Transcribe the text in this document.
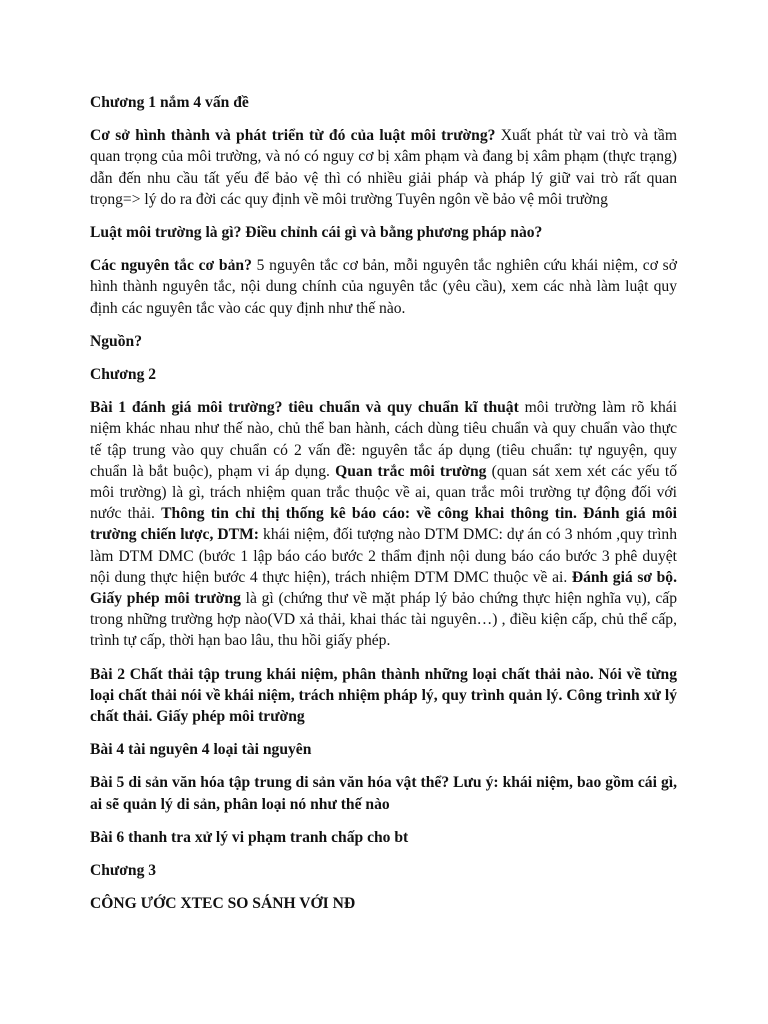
Chương 1 nắm 4 vấn đề

Cơ sở hình thành và phát triển từ đó của luật môi trường? Xuất phát từ vai trò và tầm quan trọng của môi trường, và nó có nguy cơ bị xâm phạm và đang bị xâm phạm (thực trạng) dẫn đến nhu cầu tất yếu để bảo vệ thì có nhiều giải pháp và pháp lý giữ vai trò rất quan trọng=> lý do ra đời các quy định về môi trường Tuyên ngôn về bảo vệ môi trường

Luật môi trường là gì? Điều chỉnh cái gì và bằng phương pháp nào?

Các nguyên tắc cơ bản? 5 nguyên tắc cơ bản, mỗi nguyên tắc nghiên cứu khái niệm, cơ sở hình thành nguyên tắc, nội dung chính của nguyên tắc (yêu cầu), xem các nhà làm luật quy định các nguyên tắc vào các quy định như thế nào.

Nguồn?

Chương 2

Bài 1 đánh giá môi trường? tiêu chuẩn và quy chuẩn kĩ thuật môi trường làm rõ khái niệm khác nhau như thế nào, chủ thể ban hành, cách dùng tiêu chuẩn và quy chuẩn vào thực tế tập trung vào quy chuẩn có 2 vấn đề: nguyên tắc áp dụng (tiêu chuẩn: tự nguyện, quy chuẩn là bắt buộc), phạm vi áp dụng. Quan trắc môi trường (quan sát xem xét các yếu tố môi trường) là gì, trách nhiệm quan trắc thuộc về ai, quan trắc môi trường tự động đối với nước thải. Thông tin chỉ thị thống kê báo cáo: về công khai thông tin. Đánh giá môi trường chiến lược, DTM: khái niệm, đối tượng nào DTM DMC: dự án có 3 nhóm ,quy trình làm DTM DMC (bước 1 lập báo cáo bước 2 thẩm định nội dung báo cáo bước 3 phê duyệt nội dung thực hiện bước 4 thực hiện), trách nhiệm DTM DMC thuộc về ai. Đánh giá sơ bộ. Giấy phép môi trường là gì (chứng thư về mặt pháp lý bảo chứng thực hiện nghĩa vụ), cấp trong những trường hợp nào(VD xả thải, khai thác tài nguyên…) , điều kiện cấp, chủ thể cấp, trình tự cấp, thời hạn bao lâu, thu hồi giấy phép.

Bài 2 Chất thải tập trung khái niệm, phân thành những loại chất thải nào. Nói về từng loại chất thải nói về khái niệm, trách nhiệm pháp lý, quy trình quản lý. Công trình xử lý chất thải. Giấy phép môi trường

Bài 4 tài nguyên 4 loại tài nguyên

Bài 5 di sản văn hóa tập trung di sản văn hóa vật thể? Lưu ý: khái niệm, bao gồm cái gì, ai sẽ quản lý di sản, phân loại nó như thế nào

Bài 6 thanh tra xử lý vi phạm tranh chấp cho bt

Chương 3

CÔNG ƯỚC XTEC SO SÁNH VỚI NĐ
